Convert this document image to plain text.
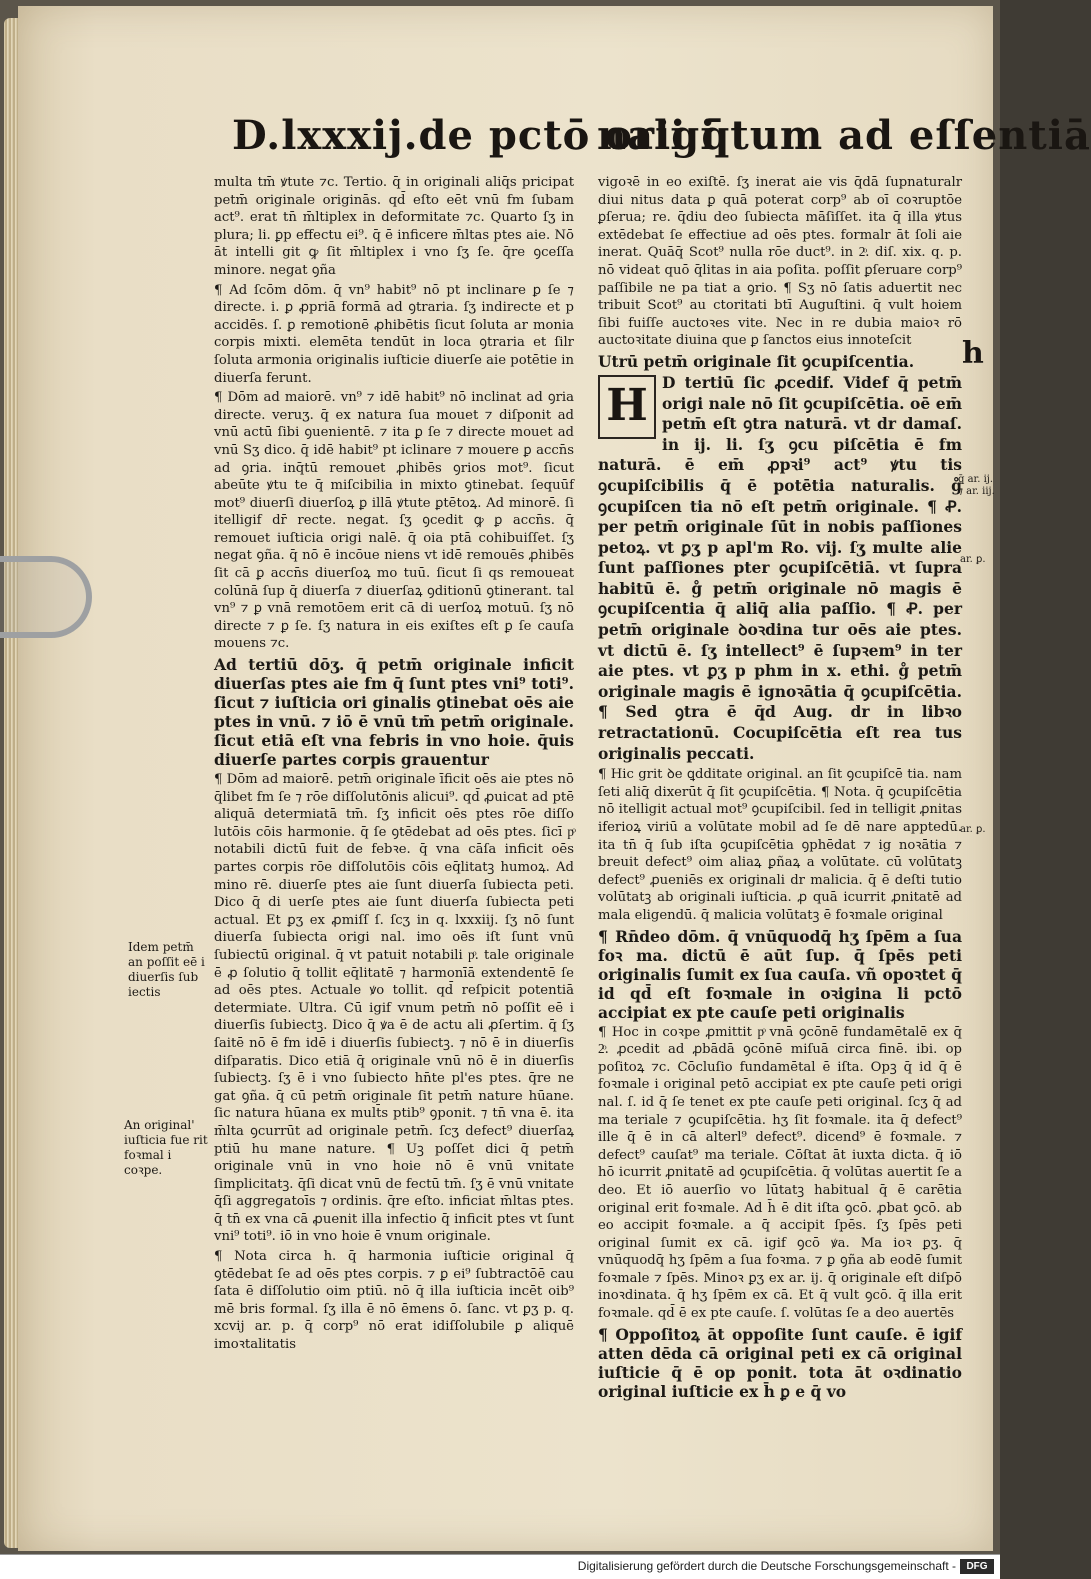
D.lxxxij.de pctō origi
nali q̄tum ad eſſentiā
h

multa tm̄ ꝟtute ⁊c. Tertio. q̄ in originali aliq̄s pricipat petm̄ originale originās. qd̄ eſto eēt vnū fm ſubam act⁹. erat tn̄ m̄ltiplex in deformitate ⁊c. Quarto ſʒ in plura; li. ꝑp effectu ei⁹. q̄ ē inficere m̄ltas ptes aie. Nō āt intelli git ꝙ ſit m̄ltiplex i vno ſʒ ſe. q̄re ꝯceſſa minore. negat ꝯña

¶ Ad ſcōm dōm. q̄ vn⁹ habit⁹ nō pt inclinare ꝑ ſe ⁊ directe. i. ꝑ ꝓpriā formā ad ꝯtraria. ſʒ indirecte et p accidēs. ſ. ꝑ remotionē ꝓhibētis ſicut ſoluta ar monia corpis mixti. elemēta tendūt in loca ꝯtraria et ſilr ſoluta armonia originalis iuſticie diuerſe aie potētie in diuerſa ferunt.

¶ Dōm ad maiorē. vn⁹ ⁊ idē habit⁹ nō inclinat ad ꝯria directe. veruʒ. q̄ ex natura ſua mouet ⁊ diſponit ad vnū actū ſibi ꝯuenientē. ⁊ ita ꝑ ſe ⁊ directe mouet ad vnū Sʒ dico. q̄ idē habit⁹ pt iclinare ⁊ mouere ꝑ accn̄s ad ꝯria. inq̄tū remouet ꝓhibēs ꝯrios mot⁹. ſicut abeūte ꝟtu te q̄ miſcibilia in mixto ꝯtinebat. ſequūf mot⁹ diuerſi diuerſoꝝ ꝑ illā ꝟtute ꝑtētoꝝ. Ad minorē. ſi itelligif dr̄ recte. negat. ſʒ ꝯcedit ꝙ ꝑ accn̄s. q̄ remouet iuſticia origi nalē. q̄ oia ptā cohibuiſſet. ſʒ negat ꝯña. q̄ nō ē incōue niens vt idē remouēs ꝓhibēs ſit cā ꝑ accn̄s diuerſoꝝ mo tuū. ſicut ſi qs remoueat colūnā ſup q̄ diuerſa ⁊ diuerſaꝝ ꝯditionū ꝯtinerant. tal vn⁹ ⁊ ꝑ vnā remotōem erit cā di uerſoꝝ motuū. ſʒ nō directe ⁊ ꝑ ſe. ſʒ natura in eis exiſtes eſt ꝑ ſe cauſa mouens ⁊c.

Ad tertiū dōʒ. q̄ petm̄ originale inficit diuerſas ptes aie fm q̄ ſunt ptes vni⁹ toti⁹. ſicut ⁊ iuſticia ori ginalis ꝯtinebat oēs aie ptes in vnū. ⁊ iō ē vnū tm̄ petm̄ originale. ſicut etiā eſt vna febris in vno hoie. q̄uis diuerſe partes corpis grauentur

¶ Dōm ad maiorē. petm̄ originale īficit oēs aie ptes nō q̄libet fm ſe ⁊ rōe diſſolutōnis alicui⁹. qd̄ ꝓuicat ad ptē aliquā determiatā tm̄. ſʒ inficit oēs ptes rōe diſſo lutōis cōis harmonie. q̄ ſe ꝯtēdebat ad oēs ptes. ſicī pͦ notabili dictū fuit de febꝛe. q̄ vna cāſa inficit oēs partes corpis rōe diſſolutōis cōis eq̄litatꝫ humoꝝ. Ad mino rē. diuerſe ptes aie ſunt diuerſa ſubiecta peti. Dico q̄ di uerſe ptes aie ſunt diuerſa ſubiecta peti actual. Et ꝑʒ ex ꝓmiſſ ſ. ſcʒ in q. lxxxiij. ſʒ nō ſunt diuerſa ſubiecta origi nal. imo oēs iſt ſunt vnū ſubiectū original. q̄ vt patuit notabili pͦ. tale originale ē ꝓ ſolutio q̄ tollit eq̄litatē ⁊ harmonīā extendentē ſe ad oēs ptes. Actuale ꝟo tollit. qd̄ reſpicit potentiā determiate. Ultra. Cū igif vnum petm̄ nō poſſit eē i diuerſis ſubiectꝫ. Dico q̄ ꝟa ē de actu ali ꝓſertim. q̄ ſʒ ſaitē nō ē fm idē i diuerſis ſubiectꝫ. ⁊ nō ē in diuerſis diſparatis. Dico etiā q̄ originale vnū nō ē in diuerſis ſubiectꝫ. ſʒ ē i vno ſubiecto hn̄te pl'es ptes. q̄re ne gat ꝯña. q̄ cū petm̄ originale ſit petm̄ nature hūane. ſic natura hūana ex mult̄s ptib⁹ ꝯponit. ⁊ tn̄ vna ē. ita m̄lta ꝯcurrūt ad originale petm̄. ſcʒ defect⁹ diuerſaꝝ ptiū hu mane nature. ¶ Uꝫ poſſet dici q̄ petm̄ originale vnū in vno hoie nō ē vnū vnitate ſimplicitatꝫ. q̄ſi dicat vnū de fectū tm̄. ſʒ ē vnū vnitate q̄ſi aggregatoīs ⁊ ordinis. q̄re eſto. inficiat m̄ltas ptes. q̄ tn̄ ex vna cā ꝓuenit illa infectio q̄ inficit ptes vt ſunt vni⁹ toti⁹. iō in vno hoie ē vnum originale.

¶ Nota circa h. q̄ harmonia iuſticie original q̄ ꝯtēdebat ſe ad oēs ptes corpis. ⁊ ꝑ ei⁹ ſubtractōē cau ſata ē diſſolutio oim ptiū. nō q̄ illa iuſticia incēt oib⁹ mē bris formal. ſʒ illa ē nō ēmens ō. ſanc. vt ꝑʒ p. q. xcvij ar. p. q̄ corp⁹ nō erat idiſſolubile ꝑ aliquē imoꝛtalitatis

vigoꝛē in eo exiſtē. ſʒ inerat aie vis q̄dā ſupnaturalr diui nitus data ꝑ quā poterat corp⁹ ab oī coꝛruptōe ꝑſerua; re. q̄diu deo ſubiecta māſiſſet. ita q̄ illa ꝟtus extēdebat ſe effectiue ad oēs ptes. formalr āt ſoli aie inerat. Quāq̄ Scot⁹ nulla rōe duct⁹. in 2ͦ. diſ. xix. q. p. nō videat quō q̄litas in aia poſita. poſſit ꝑſeruare corp⁹ paſſibile ne pa tiat a ꝯrio. ¶ Sʒ nō ſatis aduertit nec tribuit Scot⁹ au ctoritati btī Auguſtini. q̄ vult hoiem ſibi fuiſſe auctoꝛes vite. Nec in re dubia maioꝛ rō auctoꝛitate diuina que ꝑ ſanctos eius innoteſcit

Utrū petm̄ originale ſit ꝯcupiſcentia.

H D tertiū ſic ꝓcedif. Videf q̄ petm̄ origi nale nō ſit ꝯcupiſcētia. oē em̄ petm̄ eſt ꝯtra naturā. vt dr damaſ. in ij. li. ſʒ ꝯcu piſcētia ē fm naturā. ē em̄ ꝓpꝛi⁹ act⁹ ꝟtu tis ꝯcupiſcibilis q̄ ē potētia naturalis. g̊ ꝯcupiſcen tia nō eſt petm̄ originale. ¶ Ꝓ. per petm̄ originale ſūt in nobis paſſiones petoꝝ. vt ꝑʒ p apl'm Ro. vij. ſʒ multe alie ſunt paſſiones pter ꝯcupiſcētiā. vt ſupra habitū ē. g̊ petm̄ originale nō magis ē ꝯcupiſcentia q̄ aliq̄ alia paſſio. ¶ Ꝓ. per petm̄ originale ꝺoꝛdina tur oēs aie ptes. vt dictū ē. ſʒ intellect⁹ ē ſupꝛem⁹ in ter aie ptes. vt ꝑʒ p phm in x. ethi. g̊ petm̄ originale magis ē ignoꝛātia q̄ ꝯcupiſcētia. ¶ Sed ꝯtra ē q̄d Aug. dr in libꝛo retractationū. Cocupiſcētia eſt rea tus originalis peccati.

¶ Hic grit ꝺe ꝗdditate original. an ſit ꝯcupiſcē tia. nam ſeti aliq̄ dixerūt q̄ ſit ꝯcupiſcētia. ¶ Nota. q̄ ꝯcupiſcētia nō itelligit actual mot⁹ ꝯcupiſcibil. ſed in telligit ꝓnitas iferioꝝ viriū a volūtate mobil ad ſe dē nare apptedū. ita tn̄ q̄ ſub iſta ꝯcupiſcētia ꝯphēdat ⁊ ig noꝛātia ⁊ breuit defect⁹ oim aliaꝝ ꝑñaꝝ a volūtate. cū volūtatꝫ defect⁹ ꝓueniēs ex originali dr malicia. q̄ ē deſti tutio volūtatꝫ ab originali iuſticia. ꝓ quā icurrit ꝓnitatē ad mala eligendū. q̄ malicia volūtatꝫ ē foꝛmale original

¶ Rn̄deo dōm. q̄ vnūquodq̄ hʒ ſpēm a ſua foꝛ ma. dictū ē aūt ſup. q̄ ſpēs peti originalis ſumit ex ſua cauſa. vñ opoꝛtet q̄ id qd̄ eſt foꝛmale in oꝛigina li pctō accipiat ex pte cauſe peti originalis

¶ Hoc in coꝛpe ꝓmittit pͦ vnā ꝯcōnē fundamētalē ex q̄ 2ͦ. ꝓcedit ad ꝓbādā ꝯcōnē miſuā circa finē. ibi. op poſitoꝝ ⁊c. Cōcluſio fundamētal ē iſta. Opꝫ q̄ id q̄ ē foꝛmale i original petō accipiat ex pte cauſe peti origi nal. ſ. id q̄ ſe tenet ex pte cauſe peti original. ſcʒ q̄ ad ma teriale ⁊ ꝯcupiſcētia. hʒ ſit foꝛmale. ita q̄ defect⁹ ille q̄ ē in cā alterl⁹ defect⁹. dicend⁹ ē foꝛmale. ⁊ defect⁹ cauſat⁹ ma teriale. Cōſtat āt iuxta dicta. q̄ iō hō icurrit ꝓnitatē ad ꝯcupiſcētia. q̄ volūtas auertit ſe a deo. Et iō auerſio vo lūtatꝫ habitual q̄ ē carētia original erit foꝛmale. Ad h̄ ē dit iſta ꝯcō. ꝓbat ꝯcō. ab eo accipit foꝛmale. a q̄ accipit ſpēs. ſʒ ſpēs peti original ſumit ex cā. igif ꝯcō ꝟa. Ma ioꝛ ꝑʒ. q̄ vnūquodq̄ hʒ ſpēm a ſua foꝛma. ⁊ ꝑ ꝯña ab eodē ſumit foꝛmale ⁊ ſpēs. Minoꝛ ꝑʒ ex ar. ij. q̄ originale eſt diſpō inoꝛdinata. q̄ hʒ ſpēm ex cā. Et q̄ vult ꝯcō. q̄ illa erit foꝛmale. qd̄ ē ex pte cauſe. ſ. volūtas ſe a deo auertēs

¶ Oppoſitoꝝ āt oppoſite ſunt cauſe. ē igif atten dēda cā original peti ex cā original iuſticie q̄ ē op ponit. tota āt oꝛdinatio original iuſticie ex h̄ ꝑ e q̄ vo

Idem petm̄ an poſſit eē i diuerſis ſub iectis
An original' iuſticia fue rit foꝛmal i coꝛpe.
q̄ ar. ij. ⁊ ar. iij.
ar. ꝑ.
ar. ꝑ.
Digitalisierung gefördert durch die Deutsche Forschungsgemeinschaft -	DFG
